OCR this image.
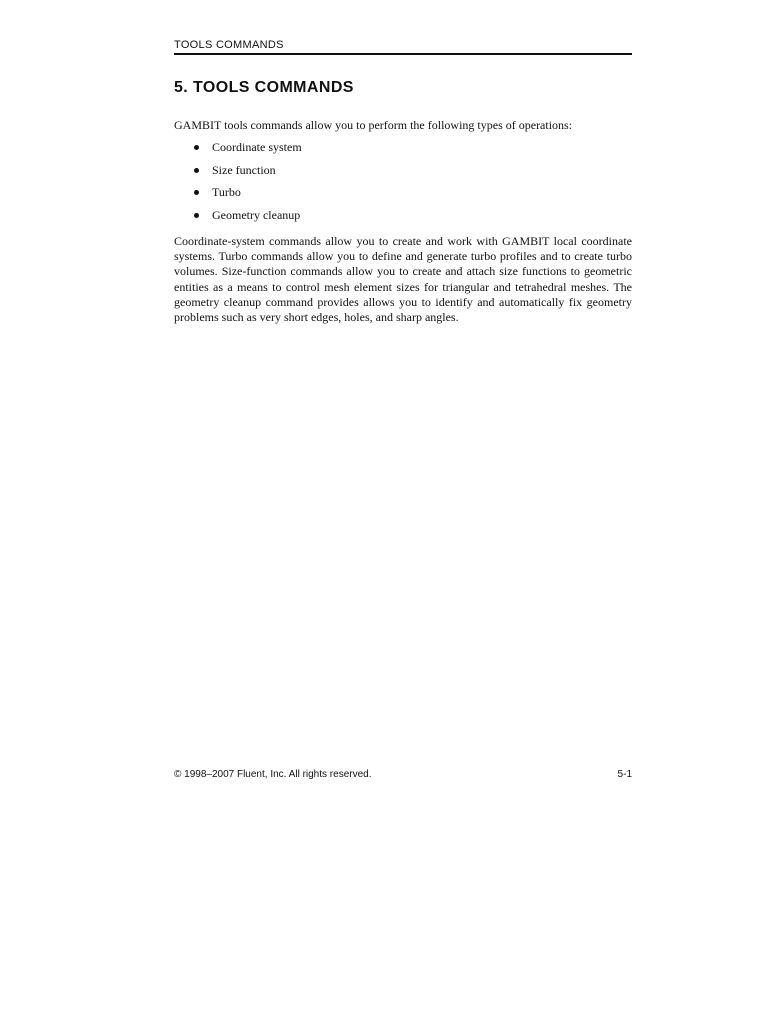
TOOLS COMMANDS
5. TOOLS COMMANDS

GAMBIT tools commands allow you to perform the following types of operations:

Coordinate system
Size function
Turbo
Geometry cleanup

Coordinate-system commands allow you to create and work with GAMBIT local coordinate systems. Turbo commands allow you to define and generate turbo profiles and to create turbo volumes. Size-function commands allow you to create and attach size functions to geometric entities as a means to control mesh element sizes for triangular and tetrahedral meshes. The geometry cleanup command provides allows you to identify and automatically fix geometry problems such as very short edges, holes, and sharp angles.

© 1998–2007 Fluent, Inc. All rights reserved.	5-1
